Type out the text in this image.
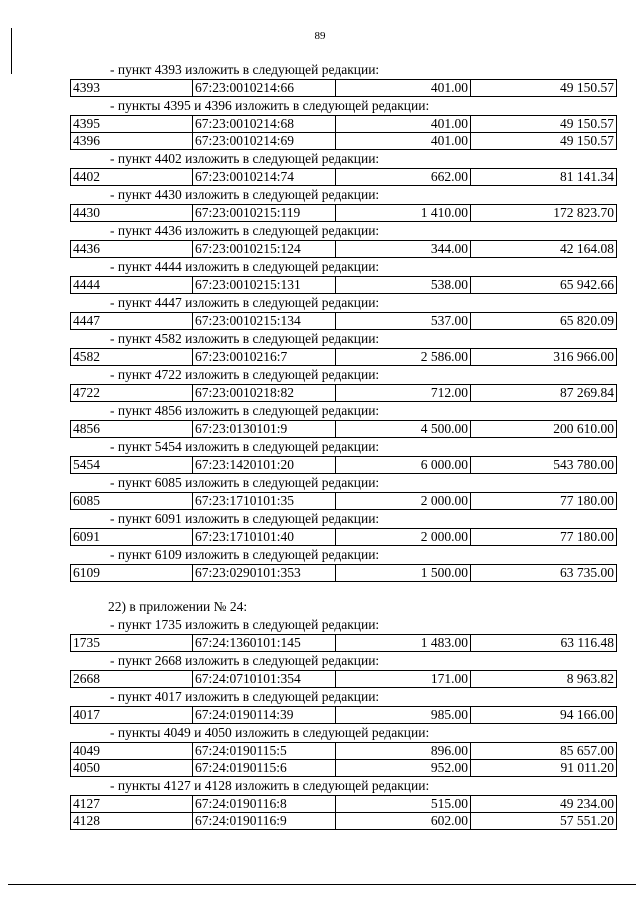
89
- пункт 4393 изложить в следующей редакции:
4393	67:23:0010214:66	401.00	49 150.57
- пункты 4395 и 4396 изложить в следующей редакции:
4395	67:23:0010214:68	401.00	49 150.57
4396	67:23:0010214:69	401.00	49 150.57
- пункт 4402 изложить в следующей редакции:
4402	67:23:0010214:74	662.00	81 141.34
- пункт 4430 изложить в следующей редакции:
4430	67:23:0010215:119	1 410.00	172 823.70
- пункт 4436 изложить в следующей редакции:
4436	67:23:0010215:124	344.00	42 164.08
- пункт 4444 изложить в следующей редакции:
4444	67:23:0010215:131	538.00	65 942.66
- пункт 4447 изложить в следующей редакции:
4447	67:23:0010215:134	537.00	65 820.09
- пункт 4582 изложить в следующей редакции:
4582	67:23:0010216:7	2 586.00	316 966.00
- пункт 4722 изложить в следующей редакции:
4722	67:23:0010218:82	712.00	87 269.84
- пункт 4856 изложить в следующей редакции:
4856	67:23:0130101:9	4 500.00	200 610.00
- пункт 5454 изложить в следующей редакции:
5454	67:23:1420101:20	6 000.00	543 780.00
- пункт 6085 изложить в следующей редакции:
6085	67:23:1710101:35	2 000.00	77 180.00
- пункт 6091 изложить в следующей редакции:
6091	67:23:1710101:40	2 000.00	77 180.00
- пункт 6109 изложить в следующей редакции:
6109	67:23:0290101:353	1 500.00	63 735.00
22) в приложении № 24:
- пункт 1735 изложить в следующей редакции:
1735	67:24:1360101:145	1 483.00	63 116.48
- пункт 2668 изложить в следующей редакции:
2668	67:24:0710101:354	171.00	8 963.82
- пункт 4017 изложить в следующей редакции:
4017	67:24:0190114:39	985.00	94 166.00
- пункты 4049 и 4050 изложить в следующей редакции:
4049	67:24:0190115:5	896.00	85 657.00
4050	67:24:0190115:6	952.00	91 011.20
- пункты 4127 и 4128 изложить в следующей редакции:
4127	67:24:0190116:8	515.00	49 234.00
4128	67:24:0190116:9	602.00	57 551.20
